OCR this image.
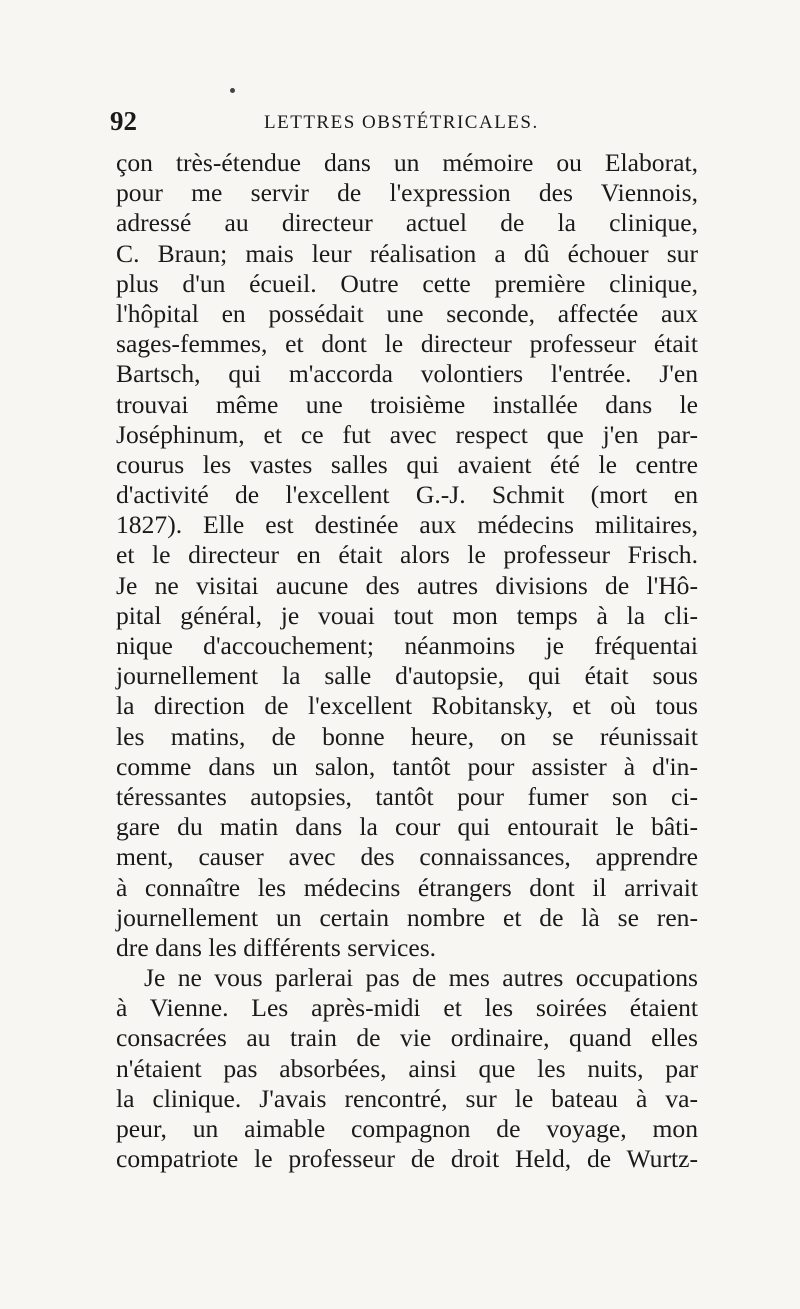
92	LETTRES OBSTÉTRICALES.
çon très-étendue dans un mémoire ou Elaborat,
pour me servir de l'expression des Viennois,
adressé au directeur actuel de la clinique,
C. Braun; mais leur réalisation a dû échouer sur
plus d'un écueil. Outre cette première clinique,
l'hôpital en possédait une seconde, affectée aux
sages-femmes, et dont le directeur professeur était
Bartsch, qui m'accorda volontiers l'entrée. J'en
trouvai même une troisième installée dans le
Joséphinum, et ce fut avec respect que j'en par-
courus les vastes salles qui avaient été le centre
d'activité de l'excellent G.-J. Schmit (mort en
1827). Elle est destinée aux médecins militaires,
et le directeur en était alors le professeur Frisch.
Je ne visitai aucune des autres divisions de l'Hô-
pital général, je vouai tout mon temps à la cli-
nique d'accouchement; néanmoins je fréquentai
journellement la salle d'autopsie, qui était sous
la direction de l'excellent Robitansky, et où tous
les matins, de bonne heure, on se réunissait
comme dans un salon, tantôt pour assister à d'in-
téressantes autopsies, tantôt pour fumer son ci-
gare du matin dans la cour qui entourait le bâti-
ment, causer avec des connaissances, apprendre
à connaître les médecins étrangers dont il arrivait
journellement un certain nombre et de là se ren-
dre dans les différents services.
Je ne vous parlerai pas de mes autres occupations
à Vienne. Les après-midi et les soirées étaient
consacrées au train de vie ordinaire, quand elles
n'étaient pas absorbées, ainsi que les nuits, par
la clinique. J'avais rencontré, sur le bateau à va-
peur, un aimable compagnon de voyage, mon
compatriote le professeur de droit Held, de Wurtz-
